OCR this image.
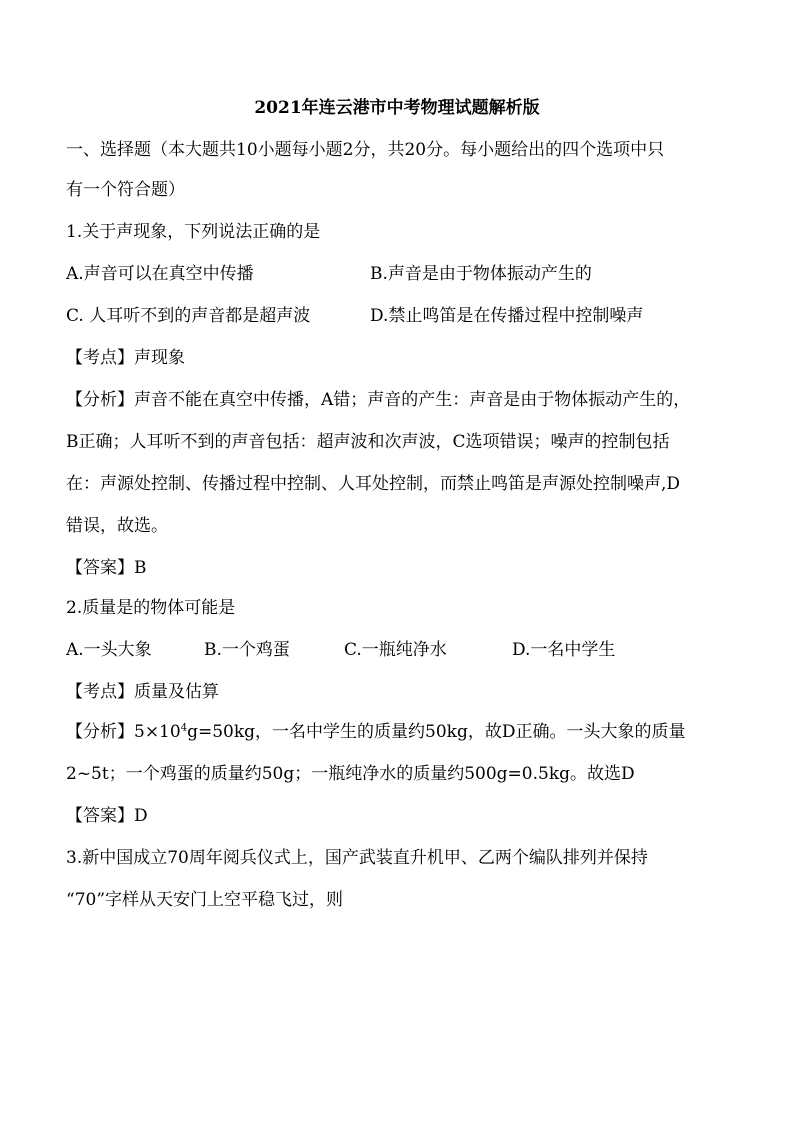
2021年连云港市中考物理试题解析版
一、选择题（本大题共10小题每小题2分，共20分。每小题给出的四个选项中只
有一个符合题）
1.关于声现象，下列说法正确的是
A.声音可以在真空中传播	B.声音是由于物体振动产生的
C. 人耳听不到的声音都是超声波	D.禁止鸣笛是在传播过程中控制噪声
【考点】声现象
【分析】声音不能在真空中传播，A错；声音的产生：声音是由于物体振动产生的，
B正确；人耳听不到的声音包括：超声波和次声波，C选项错误；噪声的控制包括
在：声源处控制、传播过程中控制、人耳处控制，而禁止鸣笛是声源处控制噪声,D
错误，故选。
【答案】B
2.质量是的物体可能是
A.一头大象	B.一个鸡蛋	C.一瓶纯净水	D.一名中学生
【考点】质量及估算
【分析】$5\times 10^4g=50kg$，一名中学生的质量约50kg，故D正确。一头大象的质量
2~5t；一个鸡蛋的质量约50g；一瓶纯净水的质量约500g=0.5kg。故选D
【答案】D
3.新中国成立70周年阅兵仪式上，国产武装直升机甲、乙两个编队排列并保持
“70”字样从天安门上空平稳飞过，则
